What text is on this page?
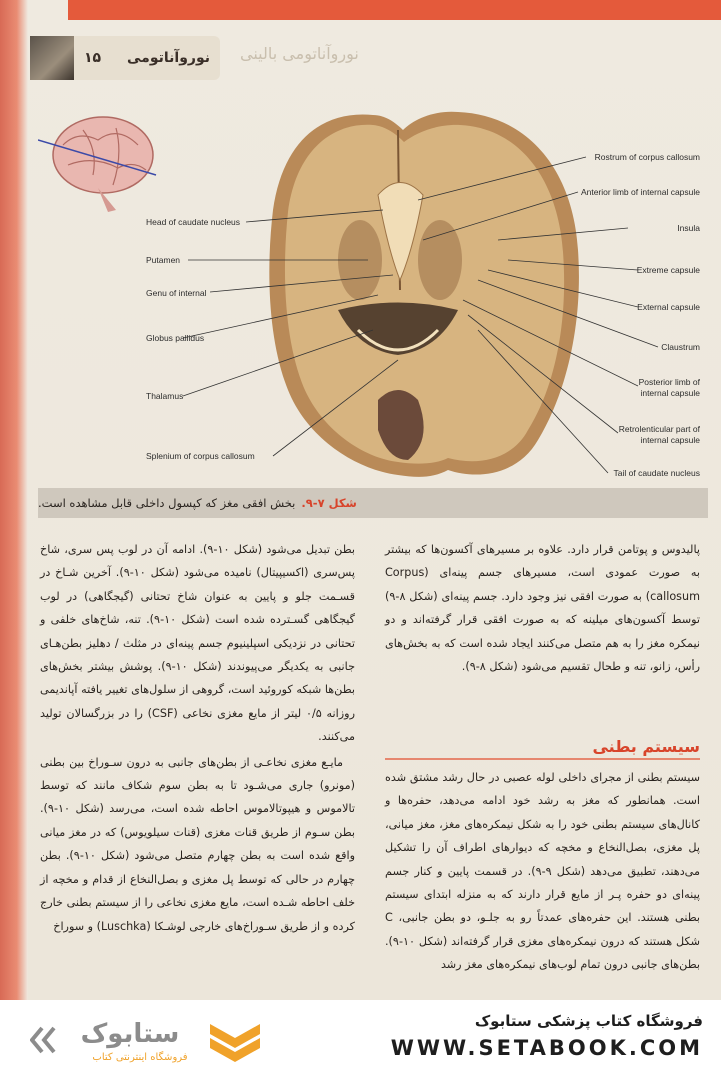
۱۵ نوروآناتومی نوروآناتومی بالینی
Head of caudate nucleus
Putamen
Genu of internal
Globus pallidus
Thalamus
Splenium of corpus callosum
Rostrum of corpus callosum
Anterior limb of internal capsule
Insula
Extreme capsule
External capsule
Claustrum
Posterior limb of
internal capsule
Retrolenticular part of
internal capsule
Tail of caudate nucleus
شکل ۷-۹.
بخش افقی مغز که کپسول داخلی قابل مشاهده است.

پالیدوس و پوتامن قرار دارد. علاوه بر مسیرهای آکسون‌ها که بیشتر به صورت عمودی است، مسیرهای جسم پینه‌ای (Corpus callosum) به صورت افقی نیز وجود دارد. جسم پینه‌ای (شکل ۸-۹) توسط آکسون‌های میلینه که به صورت افقی قرار گرفته‌اند و دو نیمکره مغز را به هم متصل می‌کنند ایجاد شده است که به بخش‌های رأس، زانو، تنه و طحال تقسیم می‌شود (شکل ۸-۹).

سیستم بطنی

سیستم بطنی از مجرای داخلی لوله عصبی در حال رشد مشتق شده است. همانطور که مغز به رشد خود ادامه می‌دهد، حفره‌ها و کانال‌های سیستم بطنی خود را به شکل نیمکره‌های مغز، مغز میانی، پل مغزی، بصل‌النخاع و مخچه که دیوارهای اطراف آن را تشکیل می‌دهند، تطبیق می‌دهد (شکل ۹-۹). در قسمت پایین و کنار جسم پینه‌ای دو حفره پـر از مایع قرار دارند که به منزله ابتدای سیستم بطنی هستند. این حفره‌های عمدتاً رو به جلـو، دو بطن جانبی، C شکل هستند که درون نیمکره‌های مغزی قرار گرفته‌اند (شکل ۱۰-۹). بطن‌های جانبی درون تمام لوب‌های نیمکره‌های مغز رشد

بطن تبدیل می‌شود (شکل ۱۰-۹). ادامه آن در لوب پس سری، شاخ پس‌سری (اکسیپیتال) نامیده می‌شود (شکل ۱۰-۹). آخرین شـاخ در قسـمت جلو و پایین به عنوان شاخ تحتانی (گیجگاهی) در لوب گیجگاهی گسـترده شده است (شکل ۱۰-۹). تنه، شاخ‌های خلفی و تحتانی در نزدیکی اسپلینیوم جسم پینه‌ای در مثلث / دهلیز بطن‌هـای جانبی به یکدیگر می‌پیوندند (شکل ۱۰-۹). پوشش بیشتر بخش‌های بطن‌ها شبکه کوروئید است، گروهی از سلول‌های تغییر یافته آپاندیمی روزانه ۰/۵ لیتر از مایع مغزی نخاعی (CSF) را در بزرگسالان تولید می‌کنند.

مایـع مغزی نخاعـی از بطن‌های جانبی به درون سـوراخ بین بطنی (مونرو) جاری می‌شـود تا به بطن سوم شکاف مانند که توسط تالاموس و هیپوتالاموس احاطه شده است، می‌رسد (شکل ۱۰-۹). بطن سـوم از طریق قنات مغزی (قنات سیلویوس) که در مغز میانی واقع شده است به بطن چهارم متصل می‌شود (شکل ۱۰-۹). بطن چهارم در حالی که توسط پل مغزی و بصل‌النخاع از قدام و مخچه از خلف احاطه شـده است، مایع مغزی نخاعی را از سیستم بطنی خارج کرده و از طریق سـوراخ‌های خارجی لوشـکا (Luschka) و سوراخ

ستابوک
فروشگاه اینترنتی کتاب
فروشگاه کتاب پزشکی ستابوک
WWW.SETABOOK.COM
